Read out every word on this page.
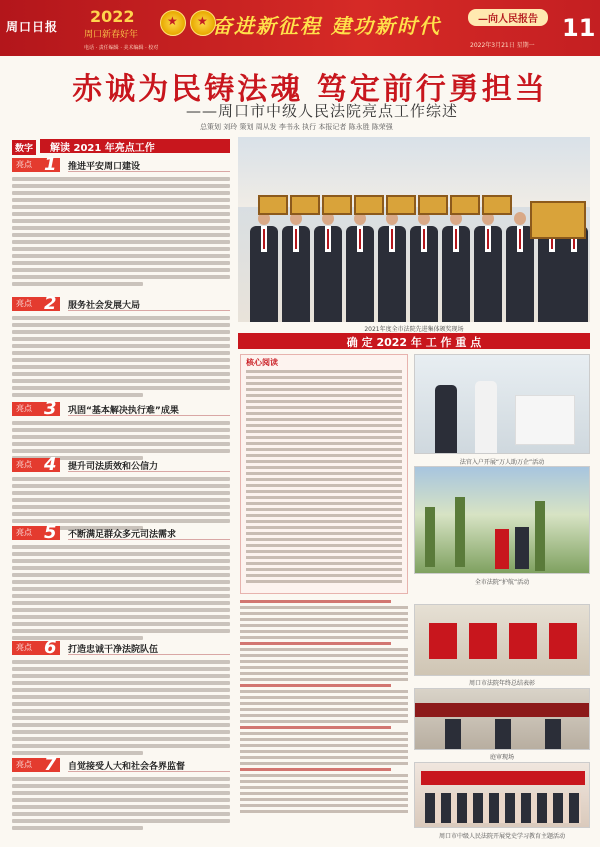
周口日报
2022
周口新春好年
电话 · 责任编辑 · 美术编辑 · 校对
★
★
奋进新征程 建功新时代	—向人民报告
2022年3月21日 星期一
11
赤诚为民铸法魂 笃定前行勇担当
——周口市中级人民法院亮点工作综述
总策划 刘玲 策划 周从发 李书永 执行 本报记者 陈永胜 陈荣强
数字	解读 2021 年亮点工作
亮点 1 推进平安周口建设
亮点 2 服务社会发展大局
亮点 3 巩固“基本解决执行难”成果
亮点 4 提升司法质效和公信力
亮点 5 不断满足群众多元司法需求
亮点 6 打造忠诚干净法院队伍
亮点 7 自觉接受人大和社会各界监督
2021年度全市法院先进集体颁奖现场
确 定 2022 年 工 作 重 点
核心阅读
法官入户开展“万人助万企”活动
全市法院“护航”活动
周口市法院年终总结表彰
庭审现场
周口市中级人民法院开展党史学习教育主题活动
